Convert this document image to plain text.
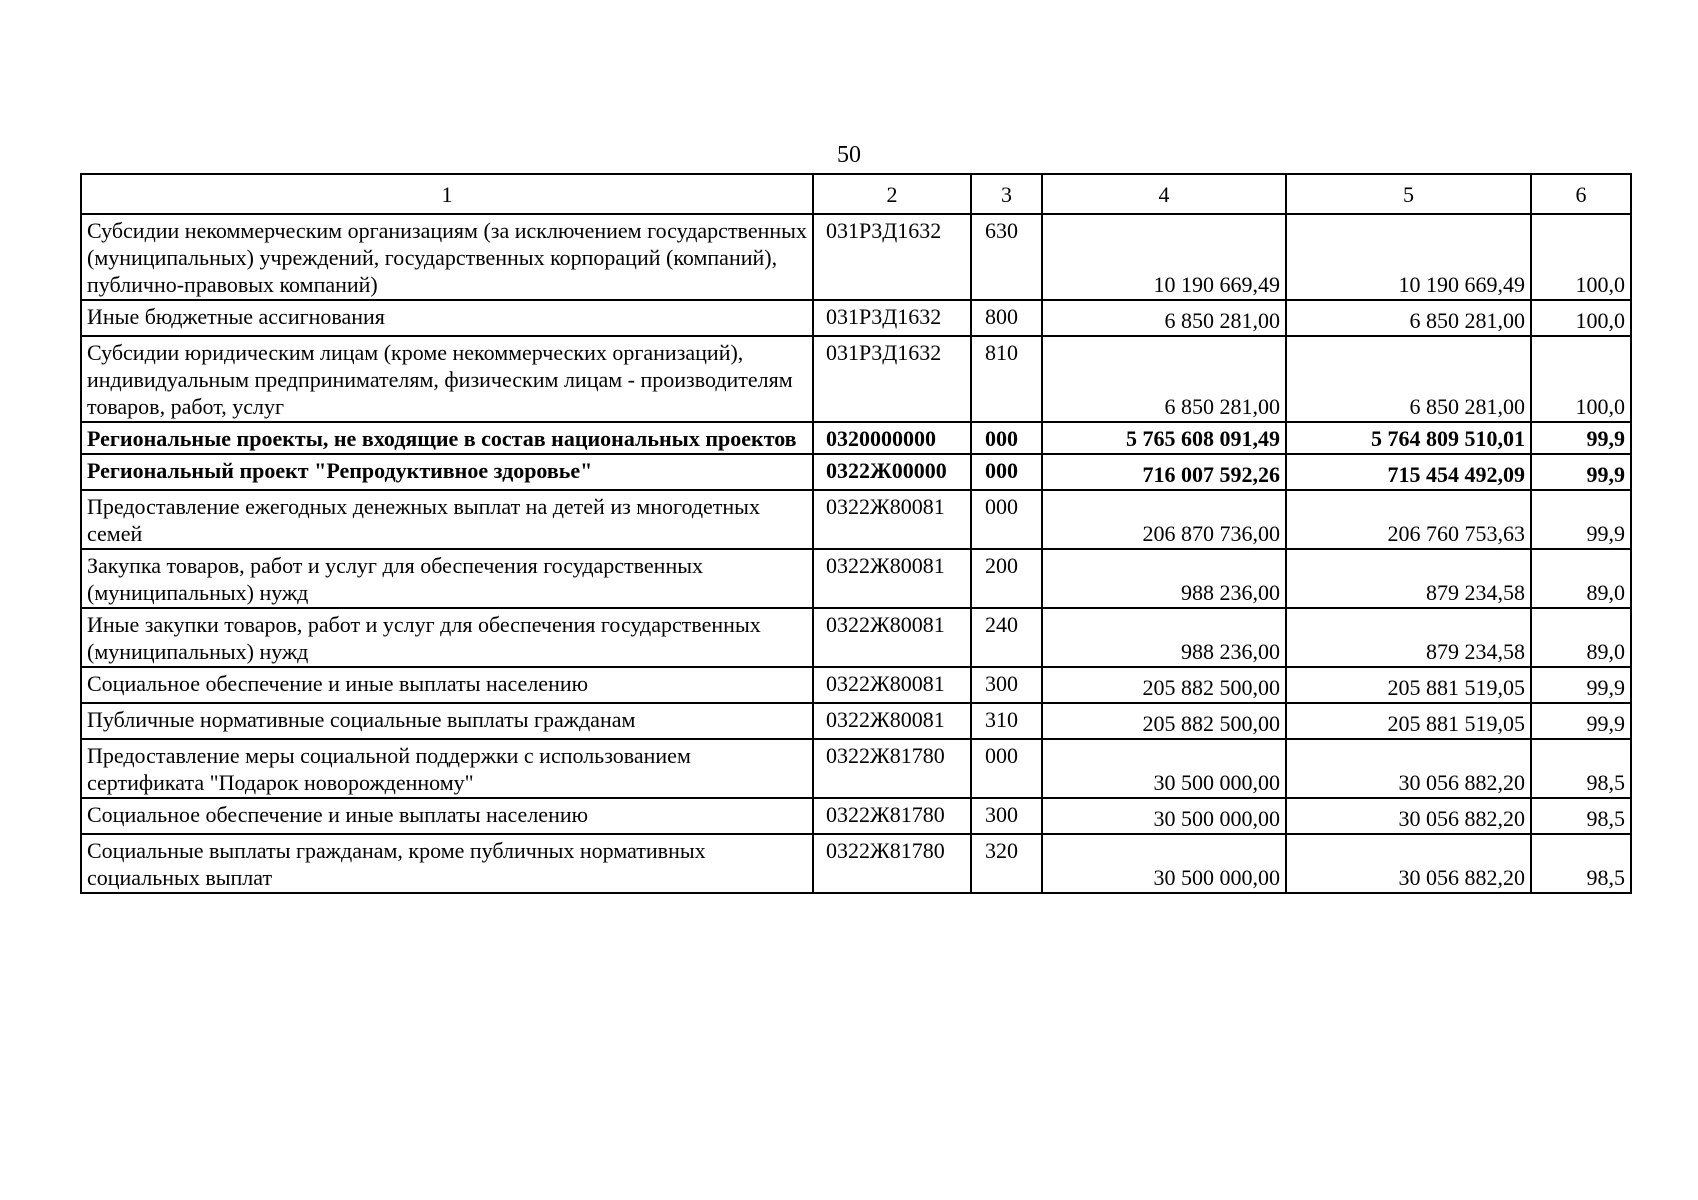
50
1	2	3	4	5	6
Субсидии некоммерческим организациям (за исключением государственных (муниципальных) учреждений, государственных корпораций (компаний), публично-правовых компаний)	031Р3Д1632	630	10 190 669,49	10 190 669,49	100,0
Иные бюджетные ассигнования	031Р3Д1632	800	6 850 281,00	6 850 281,00	100,0
Субсидии юридическим лицам (кроме некоммерческих организаций), индивидуальным предпринимателям, физическим лицам - производителям товаров, работ, услуг	031Р3Д1632	810	6 850 281,00	6 850 281,00	100,0
Региональные проекты, не входящие в состав национальных проектов	0320000000	000	5 765 608 091,49	5 764 809 510,01	99,9
Региональный проект "Репродуктивное здоровье"	0322Ж00000	000	716 007 592,26	715 454 492,09	99,9
Предоставление ежегодных денежных выплат на детей из многодетных семей	0322Ж80081	000	206 870 736,00	206 760 753,63	99,9
Закупка товаров, работ и услуг для обеспечения государственных (муниципальных) нужд	0322Ж80081	200	988 236,00	879 234,58	89,0
Иные закупки товаров, работ и услуг для обеспечения государственных (муниципальных) нужд	0322Ж80081	240	988 236,00	879 234,58	89,0
Социальное обеспечение и иные выплаты населению	0322Ж80081	300	205 882 500,00	205 881 519,05	99,9
Публичные нормативные социальные выплаты гражданам	0322Ж80081	310	205 882 500,00	205 881 519,05	99,9
Предоставление меры социальной поддержки с использованием сертификата "Подарок новорожденному"	0322Ж81780	000	30 500 000,00	30 056 882,20	98,5
Социальное обеспечение и иные выплаты населению	0322Ж81780	300	30 500 000,00	30 056 882,20	98,5
Социальные выплаты гражданам, кроме публичных нормативных социальных выплат	0322Ж81780	320	30 500 000,00	30 056 882,20	98,5
